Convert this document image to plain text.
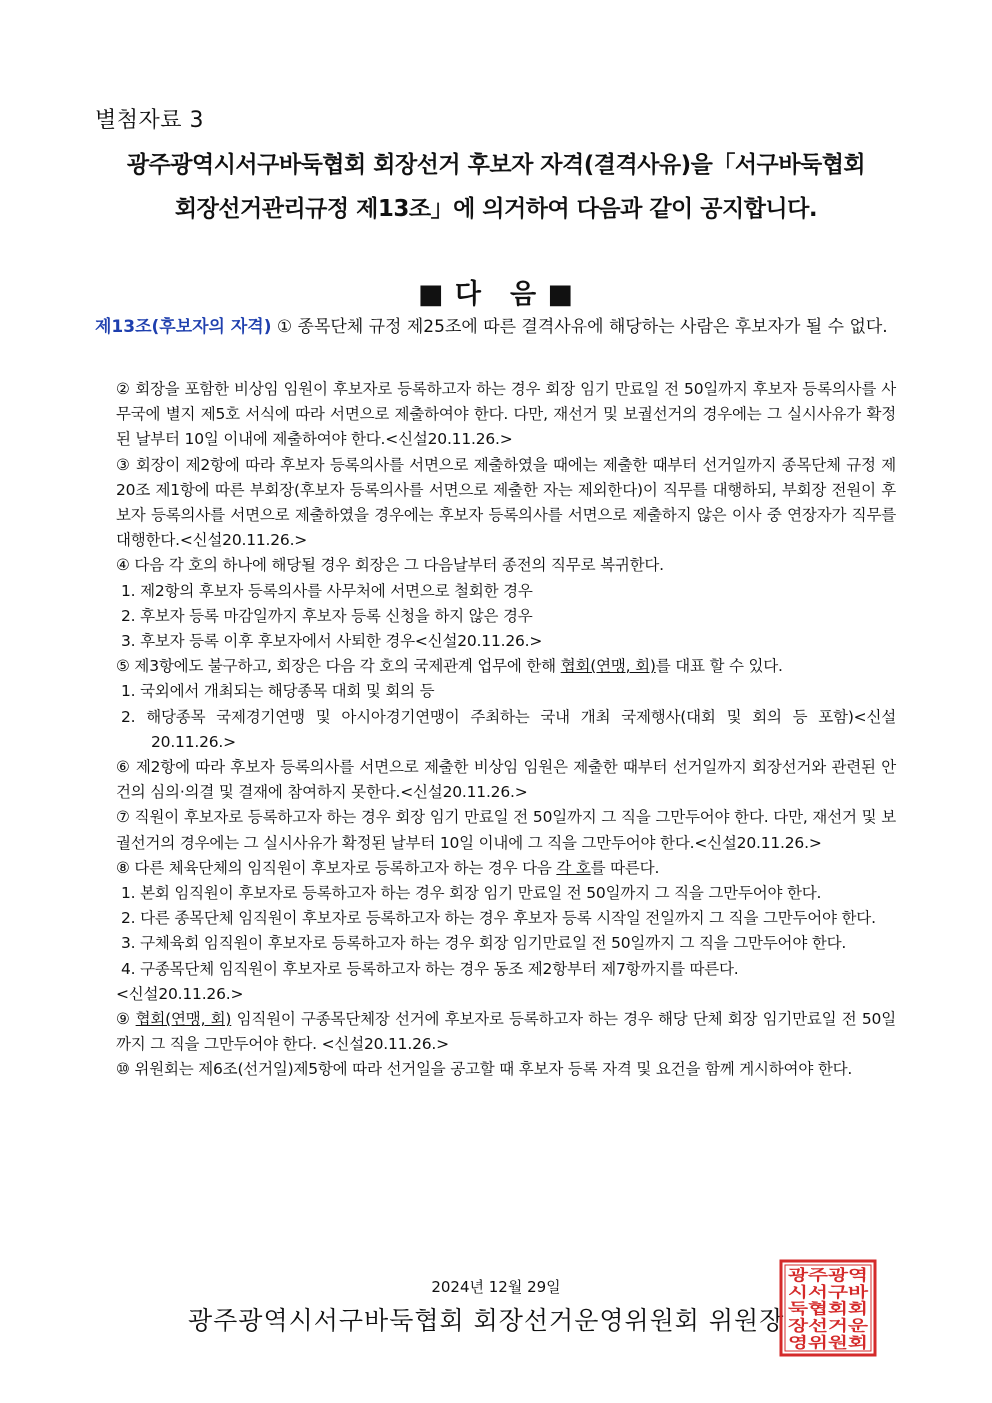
별첨자료 3
광주광역시서구바둑협회 회장선거 후보자 자격(결격사유)을「서구바둑협회
회장선거관리규정 제13조」에 의거하여 다음과 같이 공지합니다.
■ 다　음 ■
제13조(후보자의 자격) ① 종목단체 규정 제25조에 따른 결격사유에 해당하는 사람은 후보자가 될 수 없다.

② 회장을 포함한 비상임 임원이 후보자로 등록하고자 하는 경우 회장 임기 만료일 전 50일까지 후보자 등록의사를 사무국에 별지 제5호 서식에 따라 서면으로 제출하여야 한다. 다만, 재선거 및 보궐선거의 경우에는 그 실시사유가 확정된 날부터 10일 이내에 제출하여야 한다.<신설20.11.26.>

③ 회장이 제2항에 따라 후보자 등록의사를 서면으로 제출하였을 때에는 제출한 때부터 선거일까지 종목단체 규정 제20조 제1항에 따른 부회장(후보자 등록의사를 서면으로 제출한 자는 제외한다)이 직무를 대행하되, 부회장 전원이 후보자 등록의사를 서면으로 제출하였을 경우에는 후보자 등록의사를 서면으로 제출하지 않은 이사 중 연장자가 직무를 대행한다.<신설20.11.26.>

④ 다음 각 호의 하나에 해당될 경우 회장은 그 다음날부터 종전의 직무로 복귀한다.

1. 제2항의 후보자 등록의사를 사무처에 서면으로 철회한 경우

2. 후보자 등록 마감일까지 후보자 등록 신청을 하지 않은 경우

3. 후보자 등록 이후 후보자에서 사퇴한 경우<신설20.11.26.>

⑤ 제3항에도 불구하고, 회장은 다음 각 호의 국제관계 업무에 한해 협회(연맹, 회)를 대표 할 수 있다.

1. 국외에서 개최되는 해당종목 대회 및 회의 등

2. 해당종목 국제경기연맹 및 아시아경기연맹이 주최하는 국내 개최 국제행사(대회 및 회의 등 포함)<신설20.11.26.>

⑥ 제2항에 따라 후보자 등록의사를 서면으로 제출한 비상임 임원은 제출한 때부터 선거일까지 회장선거와 관련된 안건의 심의·의결 및 결재에 참여하지 못한다.<신설20.11.26.>

⑦ 직원이 후보자로 등록하고자 하는 경우 회장 임기 만료일 전 50일까지 그 직을 그만두어야 한다. 다만, 재선거 및 보궐선거의 경우에는 그 실시사유가 확정된 날부터 10일 이내에 그 직을 그만두어야 한다.<신설20.11.26.>

⑧ 다른 체육단체의 임직원이 후보자로 등록하고자 하는 경우 다음 각 호를 따른다.

1. 본회 임직원이 후보자로 등록하고자 하는 경우 회장 임기 만료일 전 50일까지 그 직을 그만두어야 한다.

2. 다른 종목단체 임직원이 후보자로 등록하고자 하는 경우 후보자 등록 시작일 전일까지 그 직을 그만두어야 한다.

3. 구체육회 임직원이 후보자로 등록하고자 하는 경우 회장 임기만료일 전 50일까지 그 직을 그만두어야 한다.

4. 구종목단체 임직원이 후보자로 등록하고자 하는 경우 동조 제2항부터 제7항까지를 따른다.

<신설20.11.26.>

⑨ 협회(연맹, 회) 임직원이 구종목단체장 선거에 후보자로 등록하고자 하는 경우 해당 단체 회장 임기만료일 전 50일까지 그 직을 그만두어야 한다. <신설20.11.26.>

⑩ 위원회는 제6조(선거일)제5항에 따라 선거일을 공고할 때 후보자 등록 자격 및 요건을 함께 게시하여야 한다.

2024년 12월 29일
광주광역시서구바둑협회 회장선거운영위원회 위원장
광주광역
시서구바
둑협회회
장선거운
영위원회
